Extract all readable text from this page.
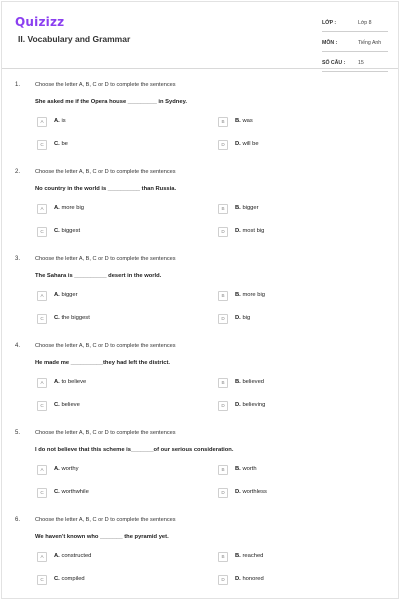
Quizizz
II. Vocabulary and Grammar
LỚP :	Lớp 8
MÔN :	Tiếng Anh
SỐ CÂU : 15
1.	Choose the letter A, B, C or D to complete the sentences
She asked me if the Opera house _________ in Sydney.
A	A. is	B	B. was
C	C. be	D	D. will be
2.	Choose the letter A, B, C or D to complete the sentences
No country in the world is __________ than Russia.
A	A. more big	B	B. bigger
C	C. biggest	D	D. most big
3.	Choose the letter A, B, C or D to complete the sentences
The Sahara is __________ desert in the world.
A	A. bigger	B	B. more big
C	C. the biggest	D	D. big
4.	Choose the letter A, B, C or D to complete the sentences
He made me __________they had left the district.
A	A. to believe	B	B. believed
C	C. believe	D	D. believing
5.	Choose the letter A, B, C or D to complete the sentences
I do not believe that this scheme is_______of our serious consideration.
A	A. worthy	B	B. worth
C	C. worthwhile	D	D. worthless
6.	Choose the letter A, B, C or D to complete the sentences
We haven't known who _______ the pyramid yet.
A	A. constructed	B	B. reached
C	C. compiled	D	D. honored
